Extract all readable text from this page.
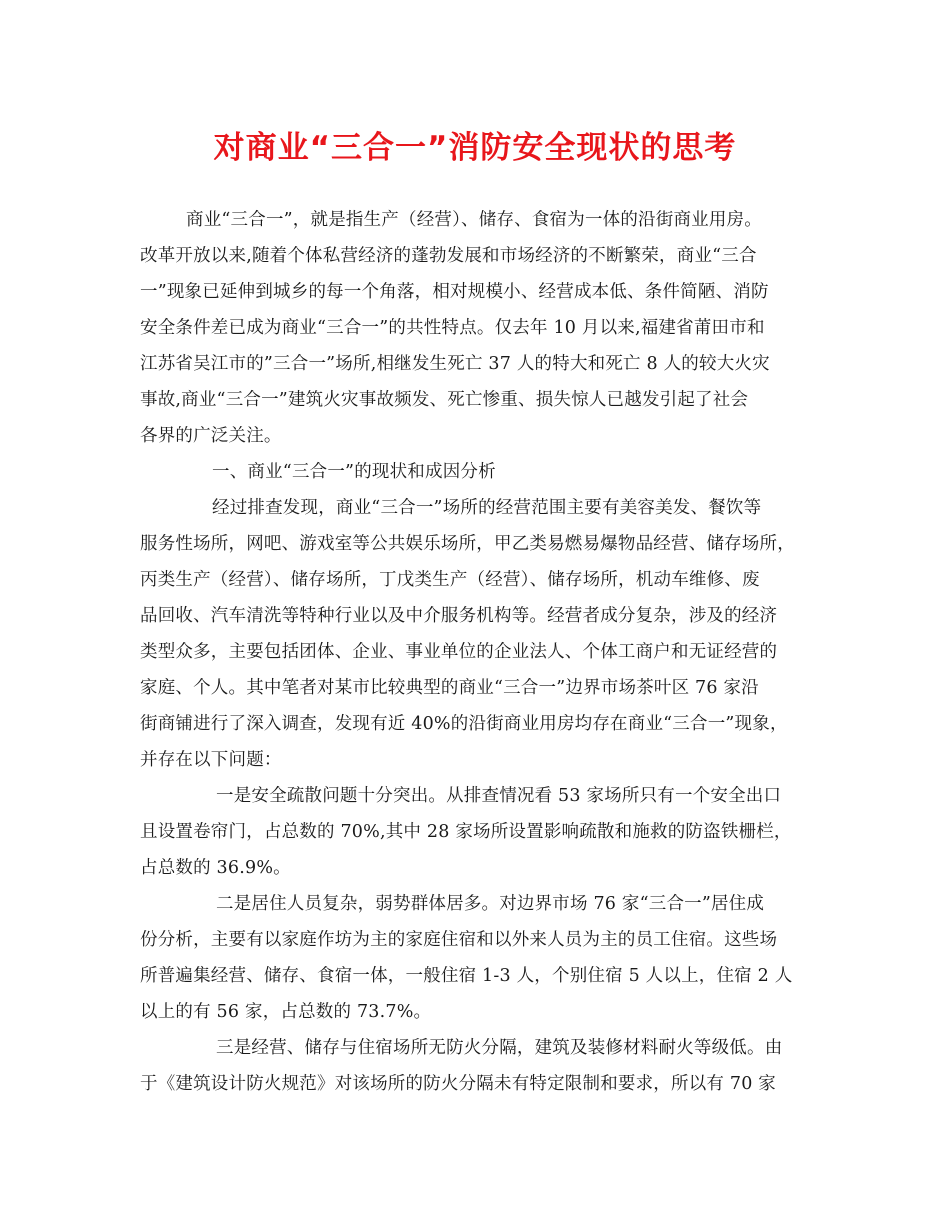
对商业“三合一”消防安全现状的思考
商业“三合一”，就是指生产（经营）、储存、食宿为一体的沿街商业用房。
改革开放以来,随着个体私营经济的蓬勃发展和市场经济的不断繁荣，商业“三合
一”现象已延伸到城乡的每一个角落，相对规模小、经营成本低、条件简陋、消防
安全条件差已成为商业“三合一”的共性特点。仅去年 10 月以来,福建省莆田市和
江苏省吴江市的”三合一”场所,相继发生死亡 37 人的特大和死亡 8 人的较大火灾
事故,商业“三合一”建筑火灾事故频发、死亡惨重、损失惊人已越发引起了社会
各界的广泛关注。
一、商业“三合一”的现状和成因分析
经过排查发现，商业“三合一”场所的经营范围主要有美容美发、餐饮等
服务性场所，网吧、游戏室等公共娱乐场所，甲乙类易燃易爆物品经营、储存场所，
丙类生产（经营）、储存场所，丁戊类生产（经营）、储存场所，机动车维修、废
品回收、汽车清洗等特种行业以及中介服务机构等。经营者成分复杂，涉及的经济
类型众多，主要包括团体、企业、事业单位的企业法人、个体工商户和无证经营的
家庭、个人。其中笔者对某市比较典型的商业“三合一”边界市场茶叶区 76 家沿
街商铺进行了深入调查，发现有近 40%的沿街商业用房均存在商业“三合一”现象，
并存在以下问题：
一是安全疏散问题十分突出。从排查情况看 53 家场所只有一个安全出口
且设置卷帘门，占总数的 70%,其中 28 家场所设置影响疏散和施救的防盗铁栅栏，
占总数的 36.9%。
二是居住人员复杂，弱势群体居多。对边界市场 76 家“三合一”居住成
份分析，主要有以家庭作坊为主的家庭住宿和以外来人员为主的员工住宿。这些场
所普遍集经营、储存、食宿一体，一般住宿 1-3 人，个别住宿 5 人以上，住宿 2 人
以上的有 56 家，占总数的 73.7%。
三是经营、储存与住宿场所无防火分隔，建筑及装修材料耐火等级低。由
于《建筑设计防火规范》对该场所的防火分隔未有特定限制和要求，所以有 70 家
